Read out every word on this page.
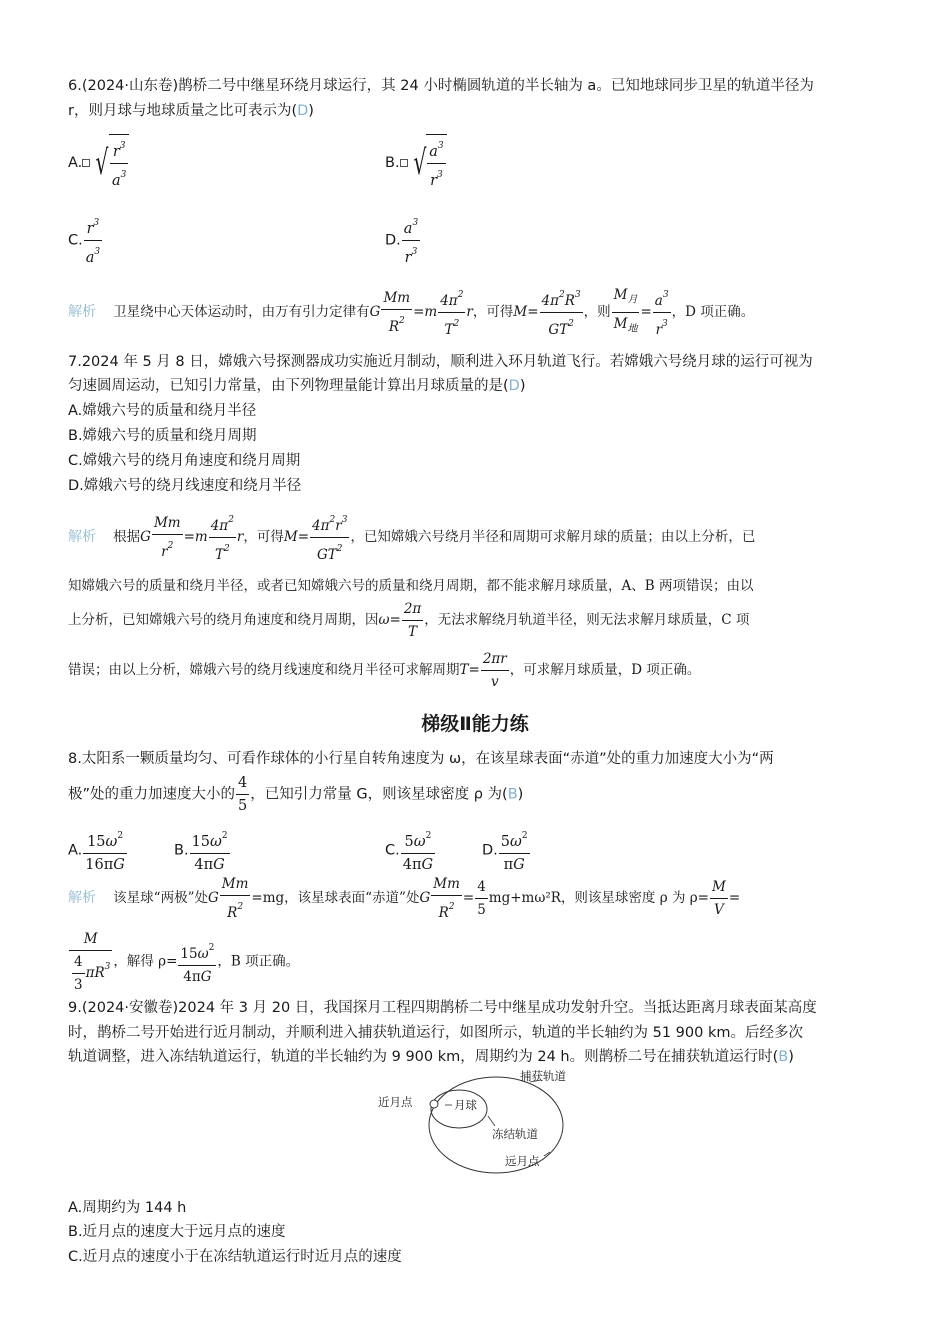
6.(2024·山东卷)鹊桥二号中继星环绕月球运行，其 24 小时椭圆轨道的半长轴为 a。已知地球同步卫星的轨道半径为
r，则月球与地球质量之比可表示为(D)
A. √ $\frac{r^3}{a^3}$	B. √ $\frac{a^3}{r^3}$
C. $\frac{r^3}{a^3}$	D. $\frac{a^3}{r^3}$
解析 卫星绕中心天体运动时，由万有引力定律有G $\frac{Mm}{R^2} =m \frac{4\pi^2}{T^2}$ r，可得$M= \frac{4\pi^2R^3}{GT^2}$ ，则 $\frac{M_月}{M_地} = \frac{a^3}{r^3}$ ，D 项正确。
7.2024 年 5 月 8 日，嫦娥六号探测器成功实施近月制动，顺利进入环月轨道飞行。若嫦娥六号绕月球的运行可视为
匀速圆周运动，已知引力常量，由下列物理量能计算出月球质量的是(D)
A.嫦娥六号的质量和绕月半径
B.嫦娥六号的质量和绕月周期
C.嫦娥六号的绕月角速度和绕月周期
D.嫦娥六号的绕月线速度和绕月半径
解析 根据G $\frac{Mm}{r^2} =m \frac{4\pi^2}{T^2}$ r，可得$M= \frac{4\pi^2r^3}{GT^2}$ ，已知嫦娥六号绕月半径和周期可求解月球的质量；由以上分析，已
知嫦娥六号的质量和绕月半径，或者已知嫦娥六号的质量和绕月周期，都不能求解月球质量，A、B 两项错误；由以
上分析，已知嫦娥六号的绕月角速度和绕月周期，因$\omega= \frac{2\pi}{T}$ ，无法求解绕月轨道半径，则无法求解月球质量，C 项
错误；由以上分析，嫦娥六号的绕月线速度和绕月半径可求解周期$T= \frac{2\pi r}{v}$ ，可求解月球质量，D 项正确。
梯级Ⅱ能力练
8.太阳系一颗质量均匀、可看作球体的小行星自转角速度为 ω，在该星球表面“赤道”处的重力加速度大小为“两
极”处的重力加速度大小的 $\frac{4}{5}$ ，已知引力常量 G，则该星球密度 ρ 为(B)
A. $\frac{15\omega^2}{16\pi G}$	B. $\frac{15\omega^2}{4\pi G}$	C. $\frac{5\omega^2}{4\pi G}$	D. $\frac{5\omega^2}{\pi G}$
解析 该星球“两极”处G $\frac{Mm}{R^2} =mg$，该星球表面“赤道”处G $\frac{Mm}{R^2} = \frac{4}{5} mg+m\omega^2R$，则该星球密度 ρ 为 $\rho= \frac{M}{V}$ =
$\frac{M}{\frac{4}{3} \pi R^3}$ ，解得 $\rho= \frac{15\omega^2}{4\pi G}$ ，B 项正确。
9.(2024·安徽卷)2024 年 3 月 20 日，我国探月工程四期鹊桥二号中继星成功发射升空。当抵达距离月球表面某高度
时，鹊桥二号开始进行近月制动，并顺利进入捕获轨道运行，如图所示，轨道的半长轴约为 51 900 km。后经多次
轨道调整，进入冻结轨道运行，轨道的半长轴约为 9 900 km，周期约为 24 h。则鹊桥二号在捕获轨道运行时(B)
捕获轨道
近月点	月球
冻结轨道
远月点
A.周期约为 144 h
B.近月点的速度大于远月点的速度
C.近月点的速度小于在冻结轨道运行时近月点的速度
